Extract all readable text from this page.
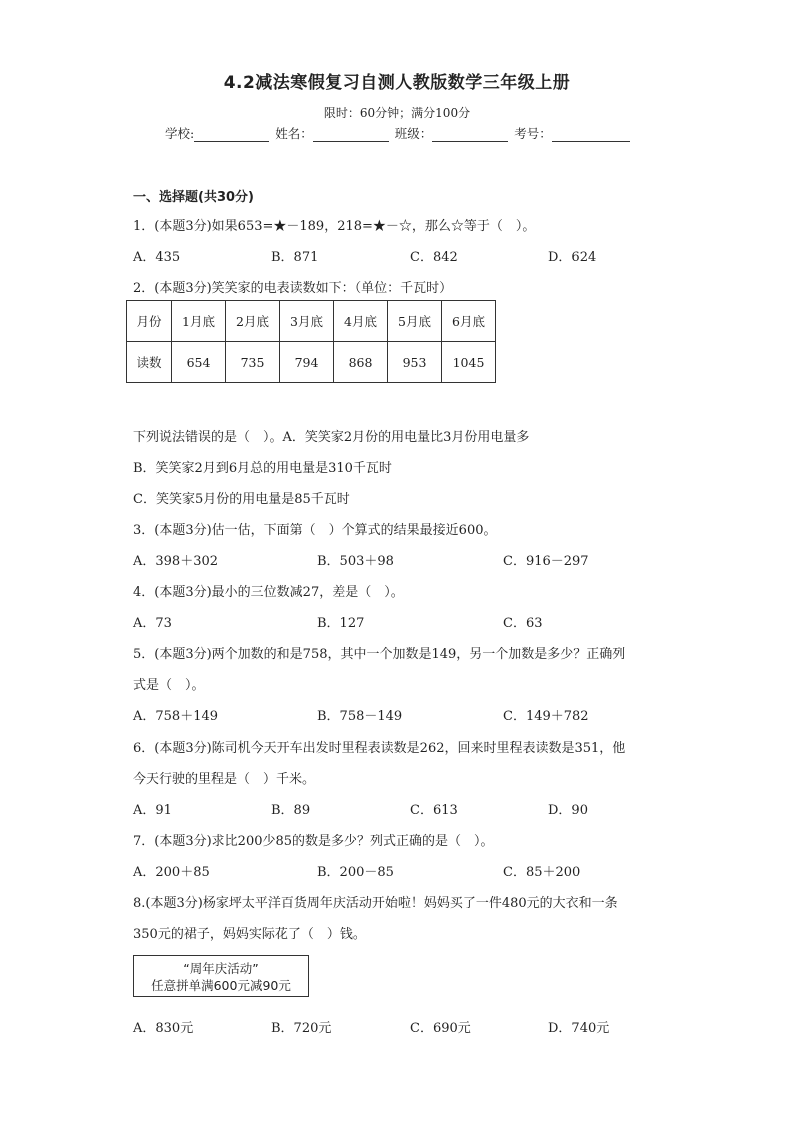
4.2减法寒假复习自测人教版数学三年级上册
限时：60分钟；满分100分
学校:	姓名：	班级：	考号：
一、选择题(共30分)
1．(本题3分)如果653=★－189，218=★－☆，那么☆等于（　）。
A．435	B．871	C．842	D．624
2．(本题3分)笑笑家的电表读数如下：（单位：千瓦时）
月份	1月底	2月底	3月底	4月底	5月底	6月底
读数	654	735	794	868	953	1045
下列说法错误的是（　）。A．笑笑家2月份的用电量比3月份用电量多
B．笑笑家2月到6月总的用电量是310千瓦时
C．笑笑家5月份的用电量是85千瓦时
3．(本题3分)估一估，下面第（　）个算式的结果最接近600。
A．398＋302	B．503＋98	C．916－297
4．(本题3分)最小的三位数减27，差是（　）。
A．73	B．127	C．63
5．(本题3分)两个加数的和是758，其中一个加数是149，另一个加数是多少？正确列
式是（　）。
A．758＋149	B．758－149	C．149＋782
6．(本题3分)陈司机今天开车出发时里程表读数是262，回来时里程表读数是351，他
今天行驶的里程是（　）千米。
A．91	B．89	C．613	D．90
7．(本题3分)求比200少85的数是多少？列式正确的是（　）。
A．200＋85	B．200－85	C．85＋200
8.(本题3分)杨家坪太平洋百货周年庆活动开始啦！妈妈买了一件480元的大衣和一条
350元的裙子，妈妈实际花了（　）钱。
“周年庆活动”
任意拼单满600元减90元
A．830元	B．720元	C．690元	D．740元
